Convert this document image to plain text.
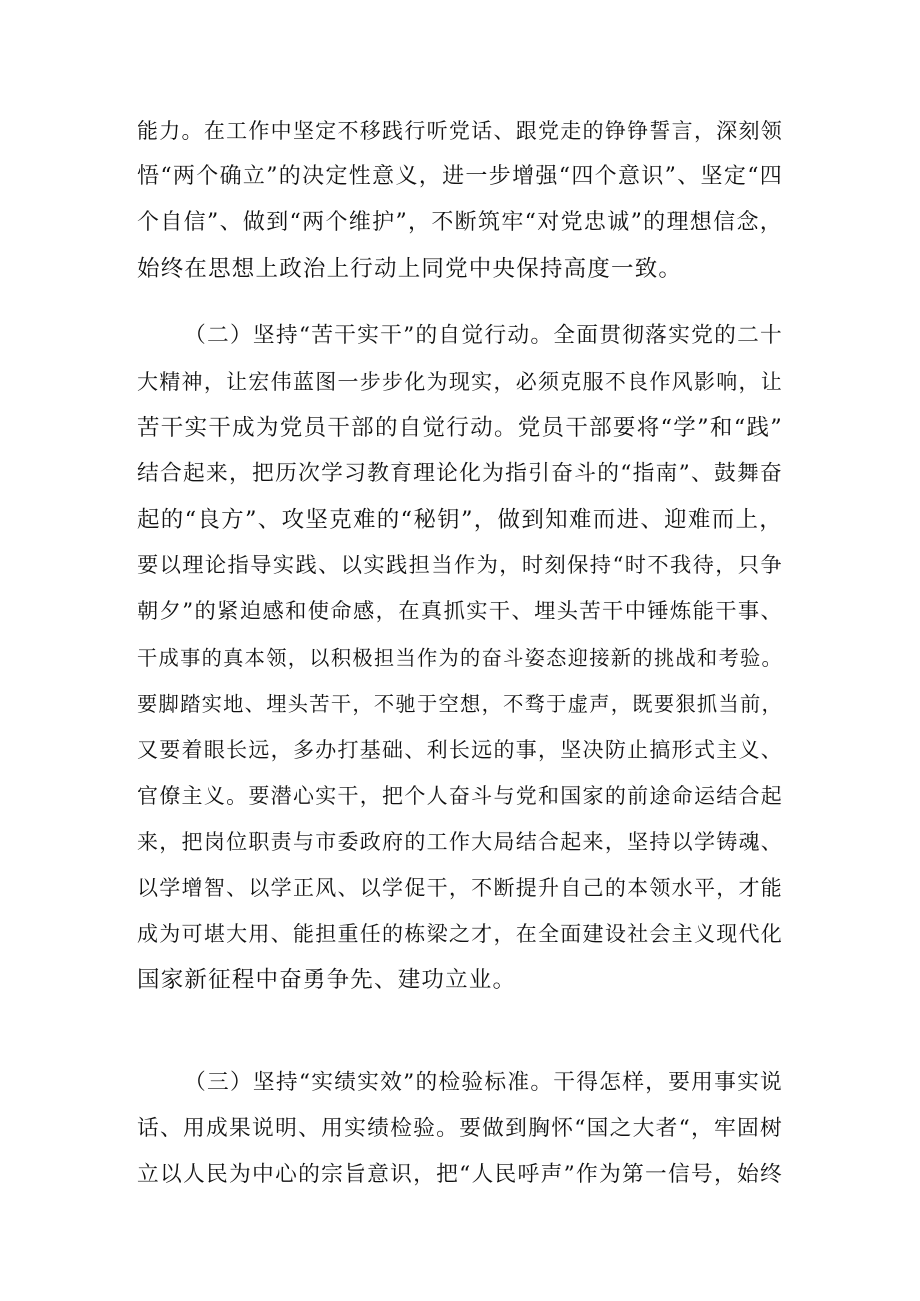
能力。在工作中坚定不移践行听党话、跟党走的铮铮誓言，深刻领
悟“两个确立”的决定性意义，进一步增强“四个意识”、坚定“四
个自信”、做到“两个维护”，不断筑牢“对党忠诚”的理想信念，
始终在思想上政治上行动上同党中央保持高度一致。
（二）坚持“苦干实干”的自觉行动。全面贯彻落实党的二十
大精神，让宏伟蓝图一步步化为现实，必须克服不良作风影响，让
苦干实干成为党员干部的自觉行动。党员干部要将“学”和“践”
结合起来，把历次学习教育理论化为指引奋斗的“指南”、鼓舞奋
起的“良方”、攻坚克难的“秘钥”，做到知难而进、迎难而上，
要以理论指导实践、以实践担当作为，时刻保持“时不我待，只争
朝夕”的紧迫感和使命感，在真抓实干、埋头苦干中锤炼能干事、
干成事的真本领，以积极担当作为的奋斗姿态迎接新的挑战和考验。
要脚踏实地、埋头苦干，不驰于空想，不骛于虚声，既要狠抓当前，
又要着眼长远，多办打基础、利长远的事，坚决防止搞形式主义、
官僚主义。要潜心实干，把个人奋斗与党和国家的前途命运结合起
来，把岗位职责与市委政府的工作大局结合起来，坚持以学铸魂、
以学增智、以学正风、以学促干，不断提升自己的本领水平，才能
成为可堪大用、能担重任的栋梁之才，在全面建设社会主义现代化
国家新征程中奋勇争先、建功立业。
（三）坚持“实绩实效”的检验标准。干得怎样，要用事实说
话、用成果说明、用实绩检验。要做到胸怀“国之大者“，牢固树
立以人民为中心的宗旨意识，把“人民呼声”作为第一信号，始终
